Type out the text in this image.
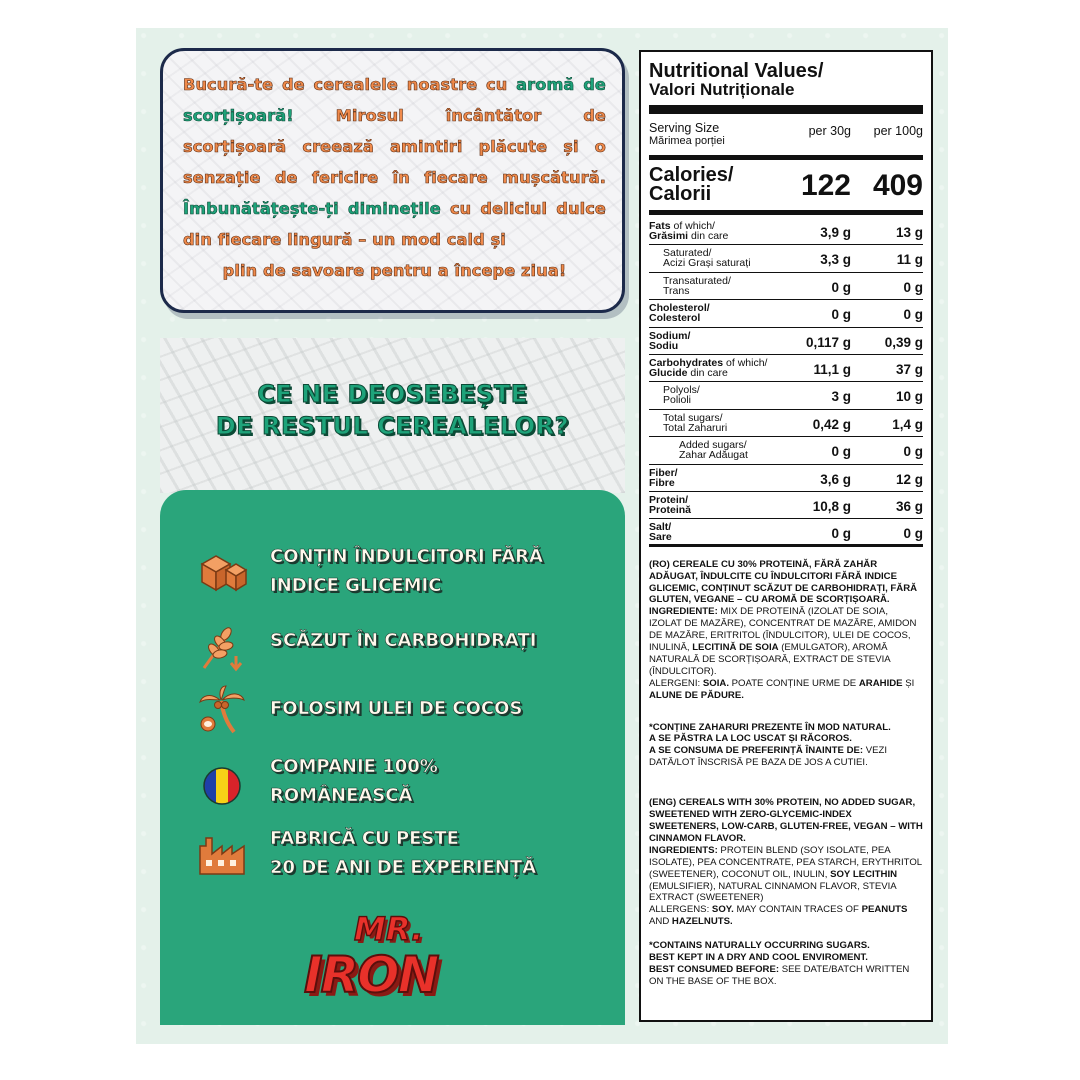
Bucură-te de cerealele noastre cu aromă de scorțișoară! Mirosul încântător de scorțișoară creează amintiri plăcute și o senzație de fericire în fiecare mușcătură. Îmbunătățește-ți diminețile cu deliciul dulce din fiecare lingură – un mod cald și
plin de savoare pentru a începe ziua!
CE NE DEOSEBEȘTE
DE RESTUL CEREALELOR?
CONȚIN ÎNDULCITORI FĂRĂ
INDICE GLICEMIC
SCĂZUT ÎN CARBOHIDRAȚI
FOLOSIM ULEI DE COCOS
COMPANIE 100%
ROMÂNEASCĂ
FABRICĂ CU PESTE
20 DE ANI DE EXPERIENȚĂ
MR.
IRON
Nutritional Values/
Valori Nutriționale
Serving Size
Mărimea porției
per 30g per 100g
Calories/
Calorii	122 409
Fats of which/
Grăsimi din care	3,9 g	13 g
Saturated/
Acizi Grași saturați	3,3 g	11 g
Transaturated/
Trans	0 g	0 g
Cholesterol/
Colesterol	0 g	0 g
Sodium/
Sodiu	0,117 g 0,39 g
Carbohydrates of which/
Glucide din care	11,1 g	37 g
Polyols/
Polioli	3 g	10 g
Total sugars/
Total Zaharuri	0,42 g	1,4 g
Added sugars/
Zahar Adăugat	0 g	0 g
Fiber/
Fibre	3,6 g	12 g
Protein/
Proteină	10,8 g	36 g
Salt/
Sare	0 g	0 g

(RO) CEREALE CU 30% PROTEINĂ, FĂRĂ ZAHĂR ADĂUGAT, ÎNDULCITE CU ÎNDULCITORI FĂRĂ INDICE GLICEMIC, CONȚINUT SCĂZUT DE CARBOHIDRAȚI, FĂRĂ GLUTEN, VEGANE – CU AROMĂ DE SCORȚIȘOARĂ.

INGREDIENTE: MIX DE PROTEINĂ (IZOLAT DE SOIA, IZOLAT DE MAZĂRE), CONCENTRAT DE MAZĂRE, AMIDON DE MAZĂRE, ERITRITOL (ÎNDULCITOR), ULEI DE COCOS, INULINĂ, LECITINĂ DE SOIA (EMULGATOR), AROMĂ NATURALĂ DE SCORȚIȘOARĂ, EXTRACT DE STEVIA (ÎNDULCITOR).

ALERGENI: SOIA. POATE CONȚINE URME DE ARAHIDE ȘI ALUNE DE PĂDURE.

*CONȚINE ZAHARURI PREZENTE ÎN MOD NATURAL.

A SE PĂSTRA LA LOC USCAT ȘI RĂCOROS.

A SE CONSUMA DE PREFERINȚĂ ÎNAINTE DE: VEZI DATĂ/LOT ÎNSCRISĂ PE BAZA DE JOS A CUTIEI.

(ENG) CEREALS WITH 30% PROTEIN, NO ADDED SUGAR, SWEETENED WITH ZERO-GLYCEMIC-INDEX SWEETENERS, LOW-CARB, GLUTEN-FREE, VEGAN – WITH CINNAMON FLAVOR.

INGREDIENTS: PROTEIN BLEND (SOY ISOLATE, PEA ISOLATE), PEA CONCENTRATE, PEA STARCH, ERYTHRITOL (SWEETENER), COCONUT OIL, INULIN, SOY LECITHIN (EMULSIFIER), NATURAL CINNAMON FLAVOR, STEVIA EXTRACT (SWEETENER)

ALLERGENS: SOY. MAY CONTAIN TRACES OF PEANUTS AND HAZELNUTS.

*CONTAINS NATURALLY OCCURRING SUGARS.

BEST KEPT IN A DRY AND COOL ENVIROMENT.

BEST CONSUMED BEFORE: SEE DATE/BATCH WRITTEN ON THE BASE OF THE BOX.
